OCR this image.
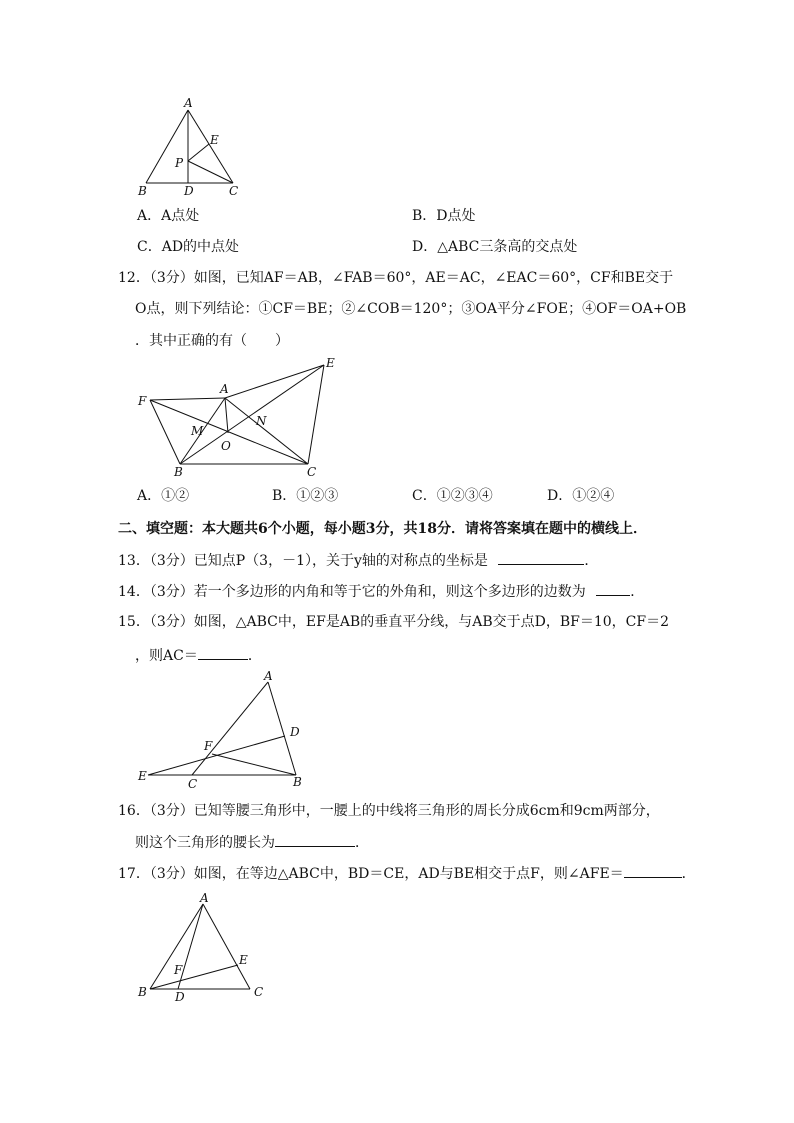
A
E
P
B	D	C
A．A点处	B．D点处
C．AD的中点处	D．△ABC三条高的交点处
12．（3分）如图，已知AF＝AB，∠FAB＝60°，AE＝AC，∠EAC＝60°，CF和BE交于
O点，则下列结论：①CF＝BE；②∠COB＝120°；③OA平分∠FOE；④OF＝OA+OB
．其中正确的有（　　）
F
A
E
M
N
O
B	C
A．①②	B．①②③	C．①②③④	D．①②④
二、填空题：本大题共6个小题，每小题3分，共18分．请将答案填在题中的横线上．
13．（3分）已知点P（3，－1），关于y轴的对称点的坐标是	．
14．（3分）若一个多边形的内角和等于它的外角和，则这个多边形的边数为	．
15．（3分）如图，△ABC中，EF是AB的垂直平分线，与AB交于点D，BF＝10，CF＝2
，则AC＝	．
A
D
F
E
C	B
16．（3分）已知等腰三角形中，一腰上的中线将三角形的周长分成6cm和9cm两部分，
则这个三角形的腰长为	．
17．（3分）如图，在等边△ABC中，BD＝CE，AD与BE相交于点F，则∠AFE＝	．
A
E
F
B D	C
